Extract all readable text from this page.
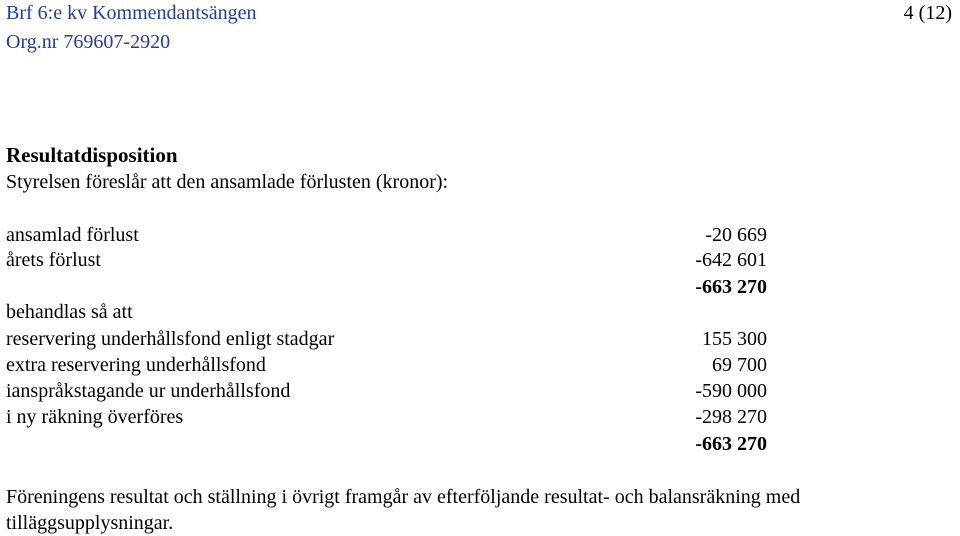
Brf 6:e kv Kommendantsängen
Org.nr 769607-2920
4 (12)
Resultatdisposition
Styrelsen föreslår att den ansamlade förlusten (kronor):
ansamlad förlust	-20 669
årets förlust	-642 601
-663 270
behandlas så att
reservering underhållsfond enligt stadgar	155 300
extra reservering underhållsfond	69 700
ianspråkstagande ur underhållsfond	-590 000
i ny räkning överföres	-298 270
-663 270
Föreningens resultat och ställning i övrigt framgår av efterföljande resultat- och balansräkning med tilläggsupplysningar.
